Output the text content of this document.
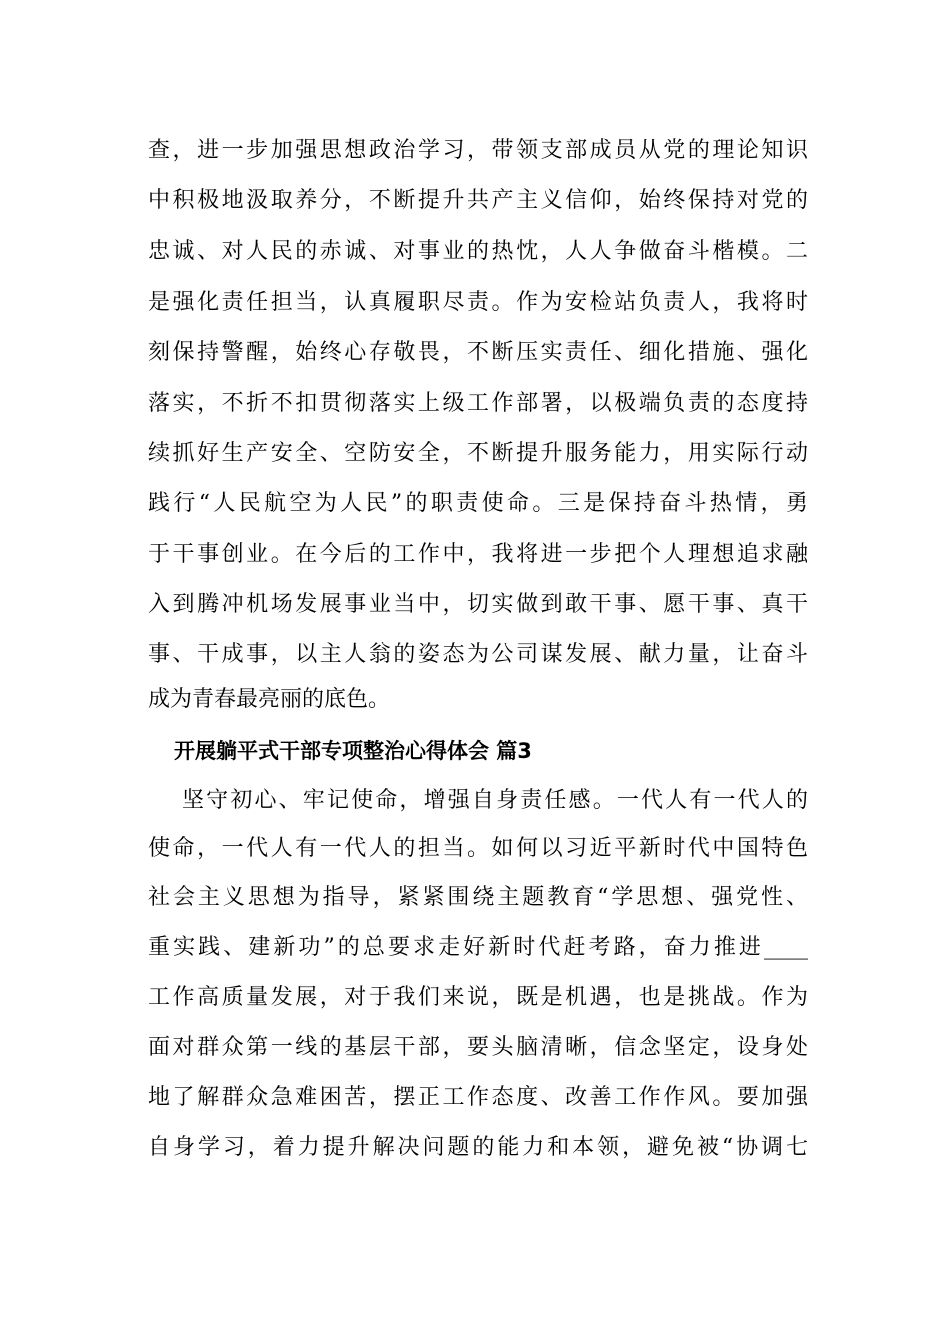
查，进一步加强思想政治学习，带领支部成员从党的理论知识
中积极地汲取养分，不断提升共产主义信仰，始终保持对党的
忠诚、对人民的赤诚、对事业的热忱，人人争做奋斗楷模。二
是强化责任担当，认真履职尽责。作为安检站负责人，我将时
刻保持警醒，始终心存敬畏，不断压实责任、细化措施、强化
落实，不折不扣贯彻落实上级工作部署，以极端负责的态度持
续抓好生产安全、空防安全，不断提升服务能力，用实际行动
践行“人民航空为人民”的职责使命。三是保持奋斗热情，勇
于干事创业。在今后的工作中，我将进一步把个人理想追求融
入到腾冲机场发展事业当中，切实做到敢干事、愿干事、真干
事、干成事，以主人翁的姿态为公司谋发展、献力量，让奋斗
成为青春最亮丽的底色。
开展躺平式干部专项整治心得体会 篇3
坚守初心、牢记使命，增强自身责任感。一代人有一代人的
使命，一代人有一代人的担当。如何以习近平新时代中国特色
社会主义思想为指导，紧紧围绕主题教育“学思想、强党性、
重实践、建新功”的总要求走好新时代赶考路，奋力推进____
工作高质量发展，对于我们来说，既是机遇，也是挑战。作为
面对群众第一线的基层干部，要头脑清晰，信念坚定，设身处
地了解群众急难困苦，摆正工作态度、改善工作作风。要加强
自身学习，着力提升解决问题的能力和本领，避免被“协调七
